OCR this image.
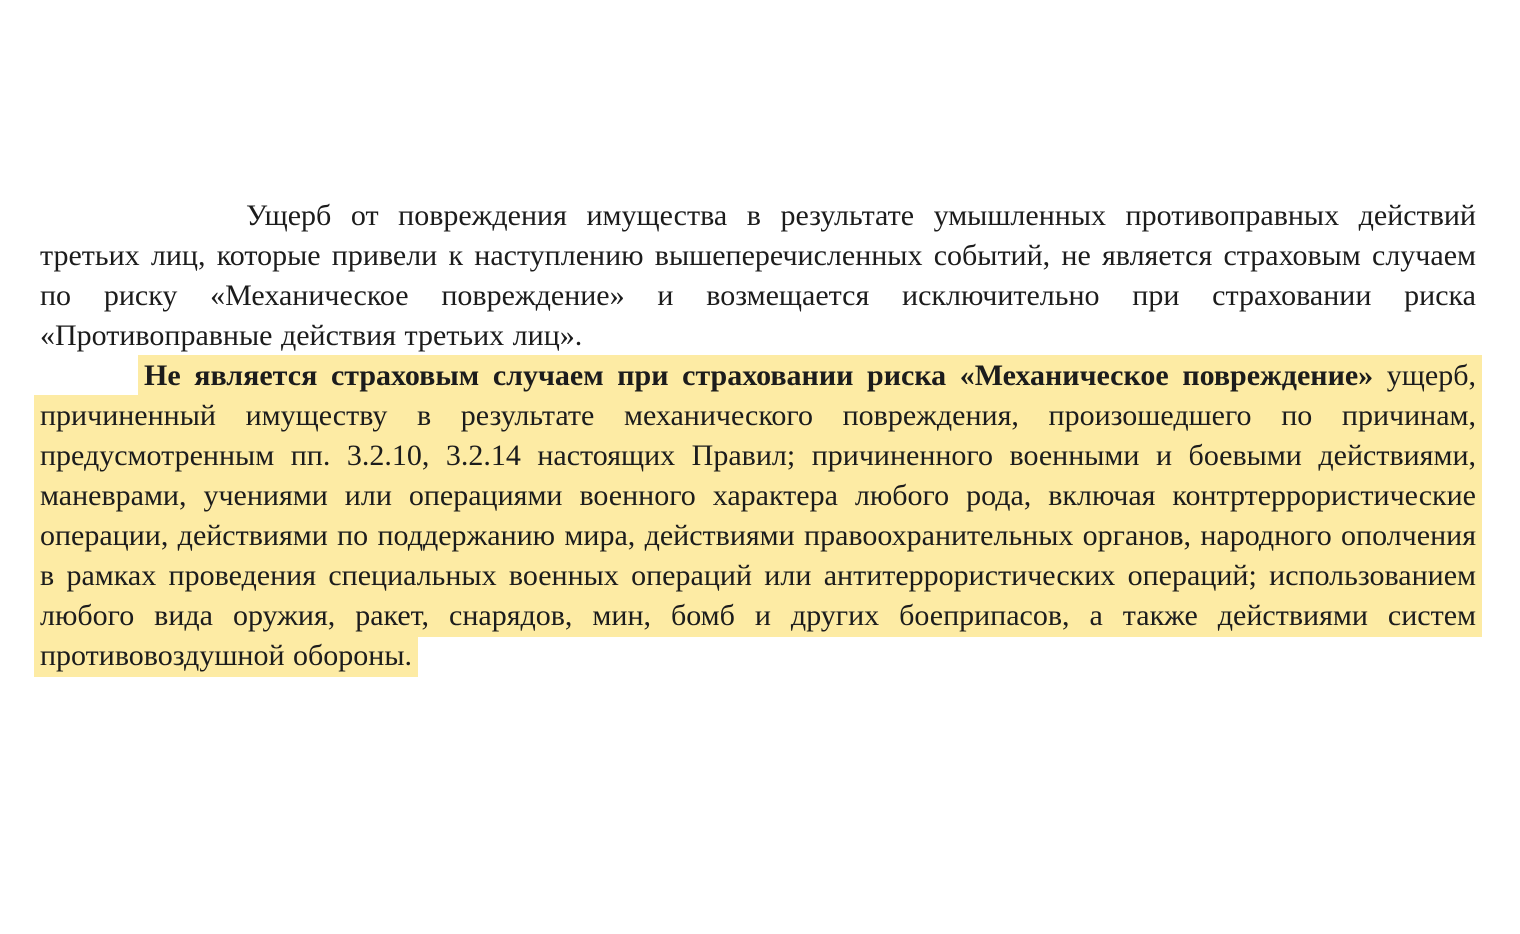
Ущерб от повреждения имущества в результате умышленных противоправных действий третьих лиц, которые привели к наступлению вышеперечисленных событий, не является страховым случаем по риску «Механическое повреждение» и возмещается исключительно при страховании риска «Противоправные действия третьих лиц».

Не является страховым случаем при страховании риска «Механическое повреждение» ущерб, причиненный имуществу в результате механического повреждения, произошедшего по причинам, предусмотренным пп. 3.2.10, 3.2.14 настоящих Правил; причиненного военными и боевыми действиями, маневрами, учениями или операциями военного характера любого рода, включая контртеррористические операции, действиями по поддержанию мира, действиями правоохранительных органов, народного ополчения в рамках проведения специальных военных операций или антитеррористических операций; использованием любого вида оружия, ракет, снарядов, мин, бомб и других боеприпасов, а также действиями систем противовоздушной обороны.
